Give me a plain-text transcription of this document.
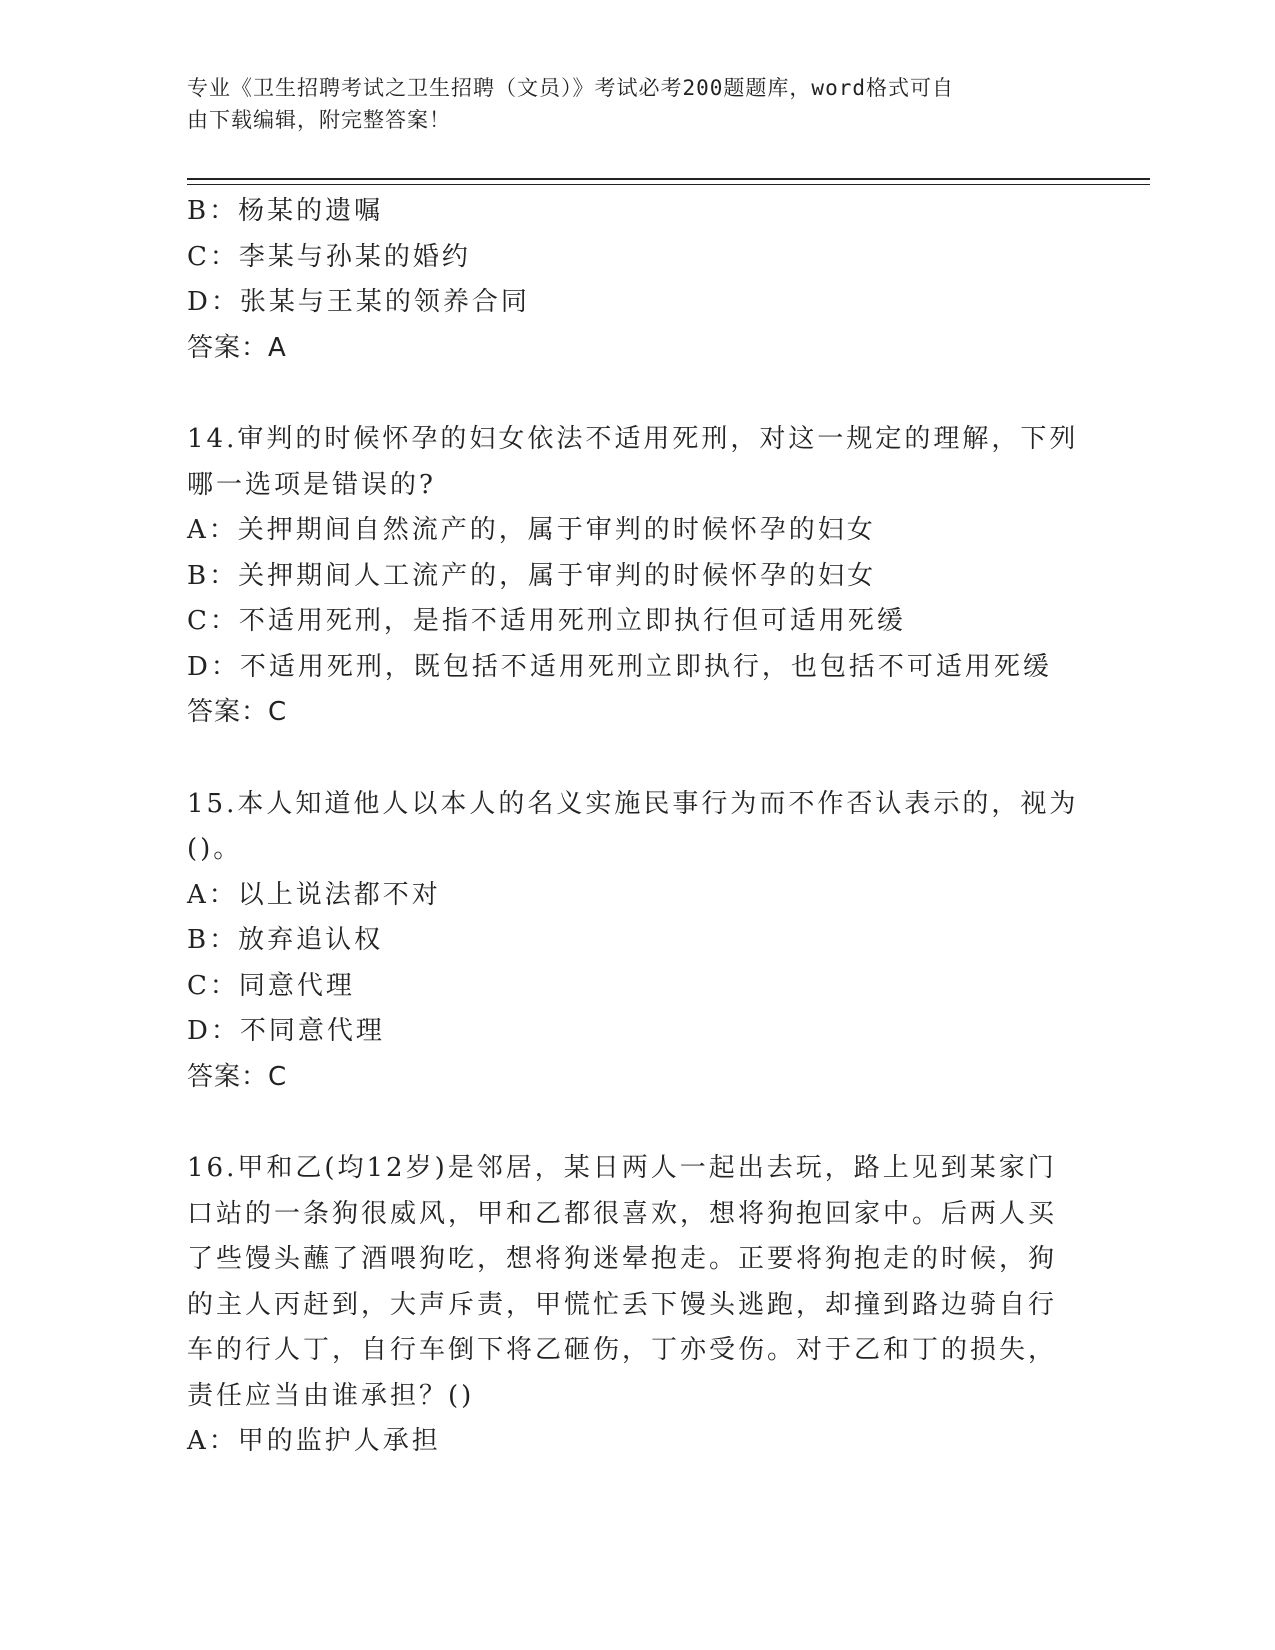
专业《卫生招聘考试之卫生招聘（文员）》考试必考200题题库，word格式可自
由下载编辑，附完整答案！
B：杨某的遗嘱
C：李某与孙某的婚约
D：张某与王某的领养合同
答案：A
14.审判的时候怀孕的妇女依法不适用死刑，对这一规定的理解，下列
哪一选项是错误的?
A：关押期间自然流产的，属于审判的时候怀孕的妇女
B：关押期间人工流产的，属于审判的时候怀孕的妇女
C：不适用死刑，是指不适用死刑立即执行但可适用死缓
D：不适用死刑，既包括不适用死刑立即执行，也包括不可适用死缓
答案：C
15.本人知道他人以本人的名义实施民事行为而不作否认表示的，视为
()。
A：以上说法都不对
B：放弃追认权
C：同意代理
D：不同意代理
答案：C
16.甲和乙(均12岁)是邻居，某日两人一起出去玩，路上见到某家门
口站的一条狗很威风，甲和乙都很喜欢，想将狗抱回家中。后两人买
了些馒头蘸了酒喂狗吃，想将狗迷晕抱走。正要将狗抱走的时候，狗
的主人丙赶到，大声斥责，甲慌忙丢下馒头逃跑，却撞到路边骑自行
车的行人丁，自行车倒下将乙砸伤，丁亦受伤。对于乙和丁的损失，
责任应当由谁承担？()
A：甲的监护人承担
